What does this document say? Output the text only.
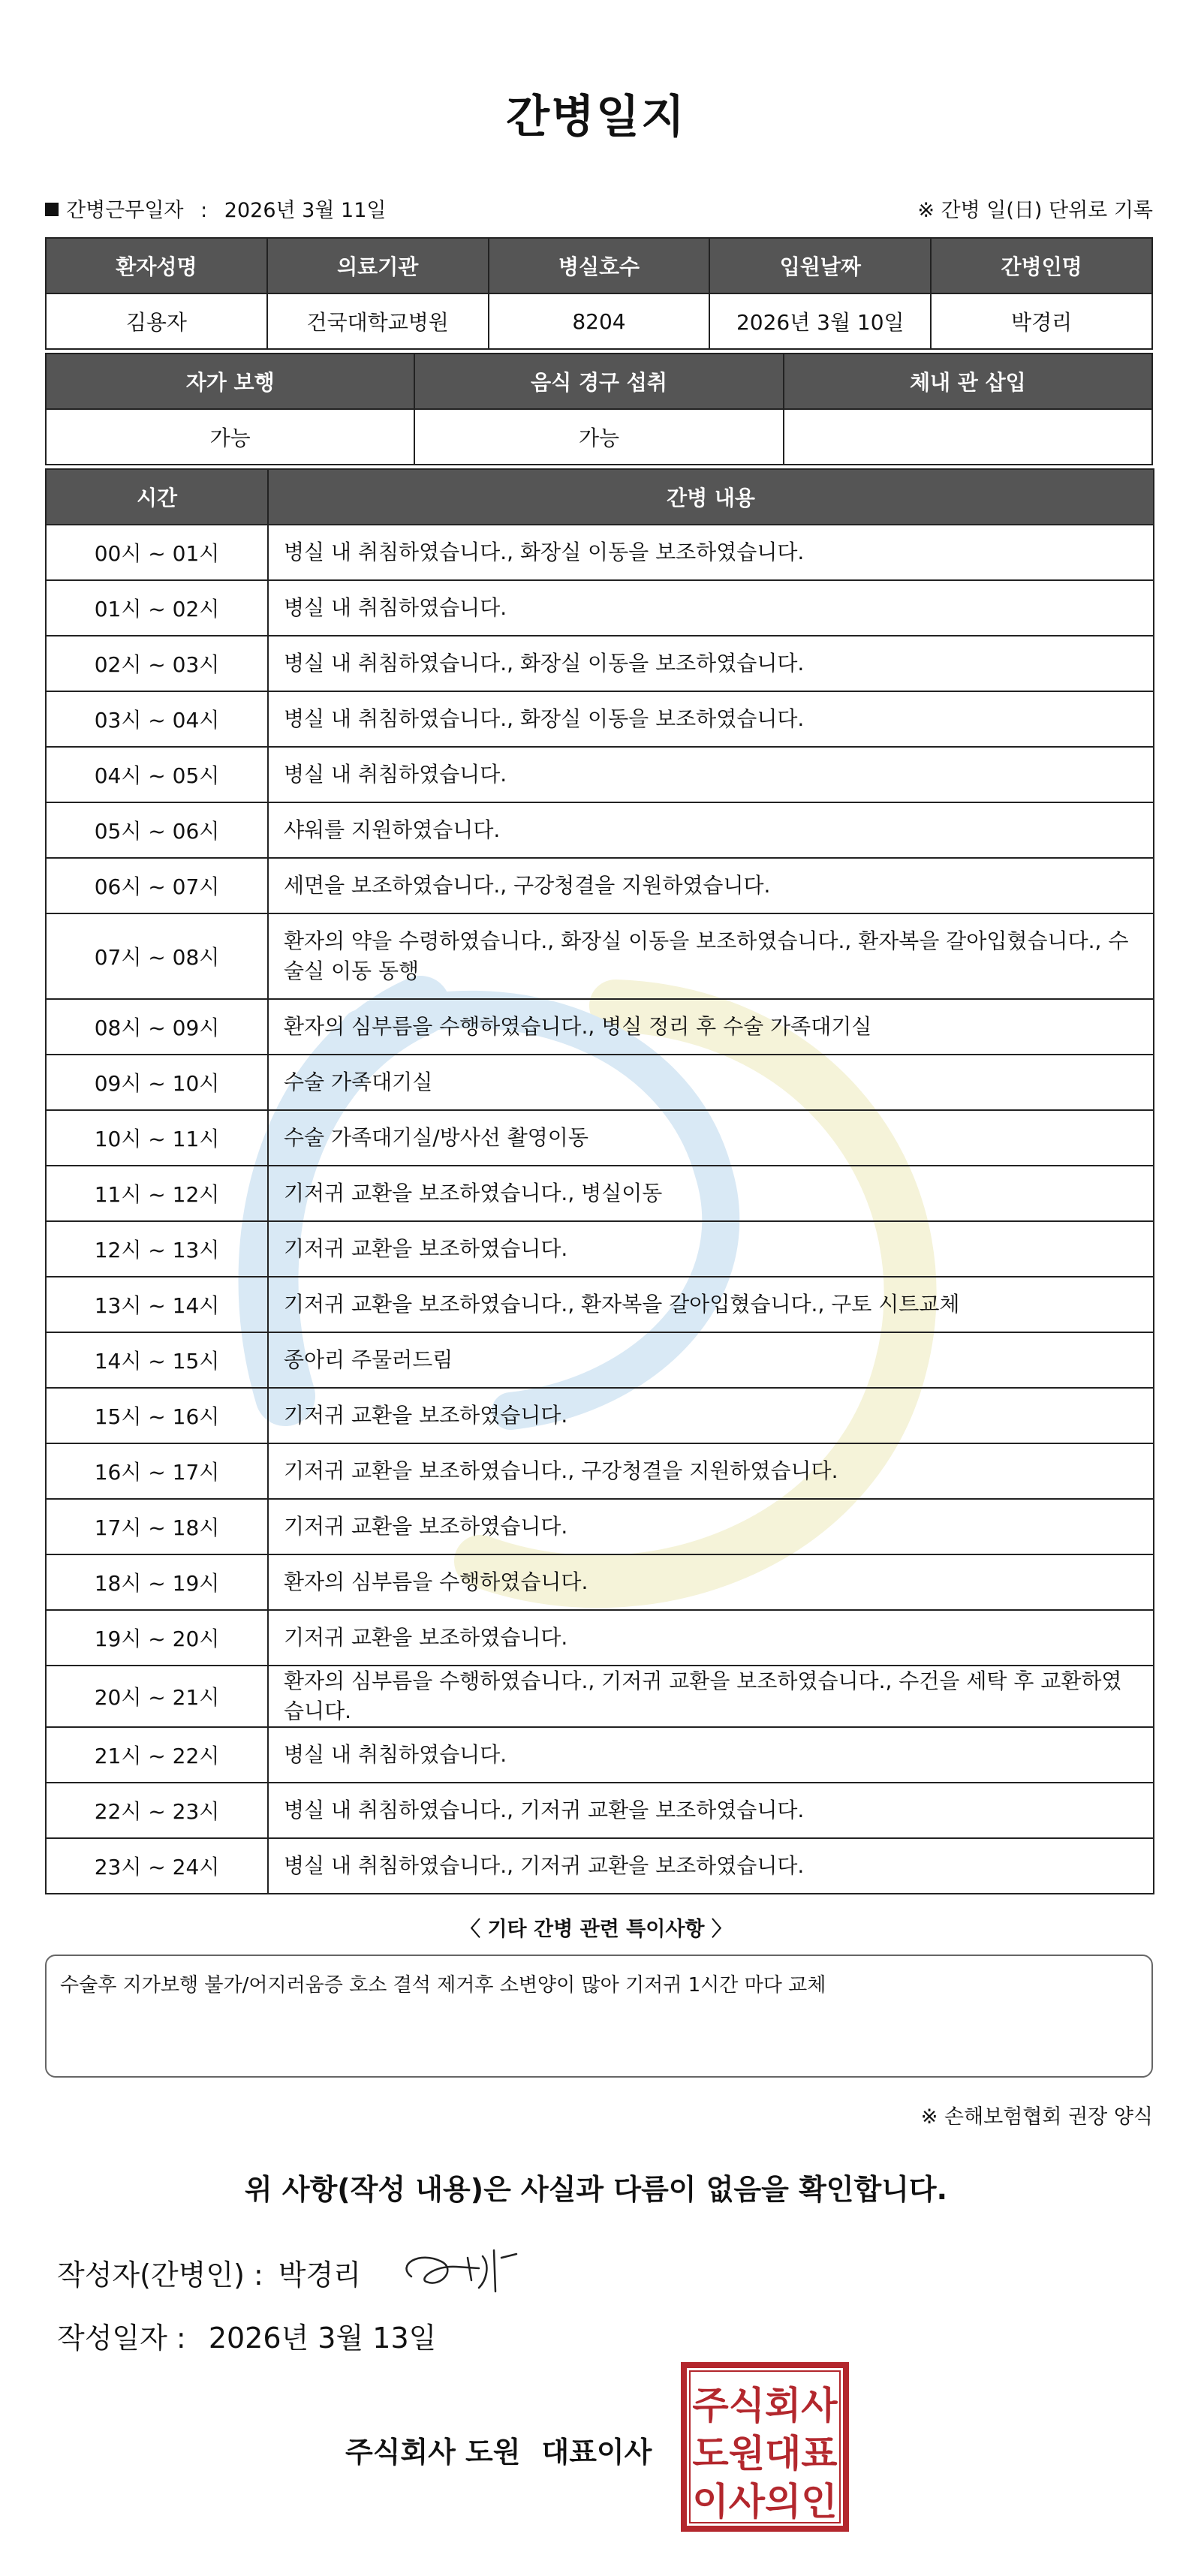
간병일지
간병근무일자 : 2026년 3월 11일	※ 간병 일(日) 단위로 기록
환자성명	의료기관	병실호수	입원날짜	간병인명
김용자	건국대학교병원	8204	2026년 3월 10일	박경리
자가 보행	음식 경구 섭취	체내 관 삽입
가능	가능	
시간	간병 내용
00시 ~ 01시	병실 내 취침하였습니다., 화장실 이동을 보조하였습니다.
01시 ~ 02시	병실 내 취침하였습니다.
02시 ~ 03시	병실 내 취침하였습니다., 화장실 이동을 보조하였습니다.
03시 ~ 04시	병실 내 취침하였습니다., 화장실 이동을 보조하였습니다.
04시 ~ 05시	병실 내 취침하였습니다.
05시 ~ 06시	샤워를 지원하였습니다.
06시 ~ 07시	세면을 보조하였습니다., 구강청결을 지원하였습니다.
07시 ~ 08시	환자의 약을 수령하였습니다., 화장실 이동을 보조하였습니다., 환자복을 갈아입혔습니다., 수술실 이동 동행
08시 ~ 09시	환자의 심부름을 수행하였습니다., 병실 정리 후 수술 가족대기실
09시 ~ 10시	수술 가족대기실
10시 ~ 11시	수술 가족대기실/방사선 촬영이동
11시 ~ 12시	기저귀 교환을 보조하였습니다., 병실이동
12시 ~ 13시	기저귀 교환을 보조하였습니다.
13시 ~ 14시	기저귀 교환을 보조하였습니다., 환자복을 갈아입혔습니다., 구토 시트교체
14시 ~ 15시	종아리 주물러드림
15시 ~ 16시	기저귀 교환을 보조하였습니다.
16시 ~ 17시	기저귀 교환을 보조하였습니다., 구강청결을 지원하였습니다.
17시 ~ 18시	기저귀 교환을 보조하였습니다.
18시 ~ 19시	환자의 심부름을 수행하였습니다.
19시 ~ 20시	기저귀 교환을 보조하였습니다.
20시 ~ 21시	환자의 심부름을 수행하였습니다., 기저귀 교환을 보조하였습니다., 수건을 세탁 후 교환하였습니다.
21시 ~ 22시	병실 내 취침하였습니다.
22시 ~ 23시	병실 내 취침하였습니다., 기저귀 교환을 보조하였습니다.
23시 ~ 24시	병실 내 취침하였습니다., 기저귀 교환을 보조하였습니다.
〈 기타 간병 관련 특이사항 〉
수술후 지가보행 불가/어지러움증 호소 결석 제거후 소변양이 많아 기저귀 1시간 마다 교체
※ 손해보험협회 권장 양식
위 사항(작성 내용)은 사실과 다름이 없음을 확인합니다.
작성자(간병인) : 박경리
작성일자 : 2026년 3월 13일
주식회사 도원 대표이사
주식회사
도원대표
이사의인
